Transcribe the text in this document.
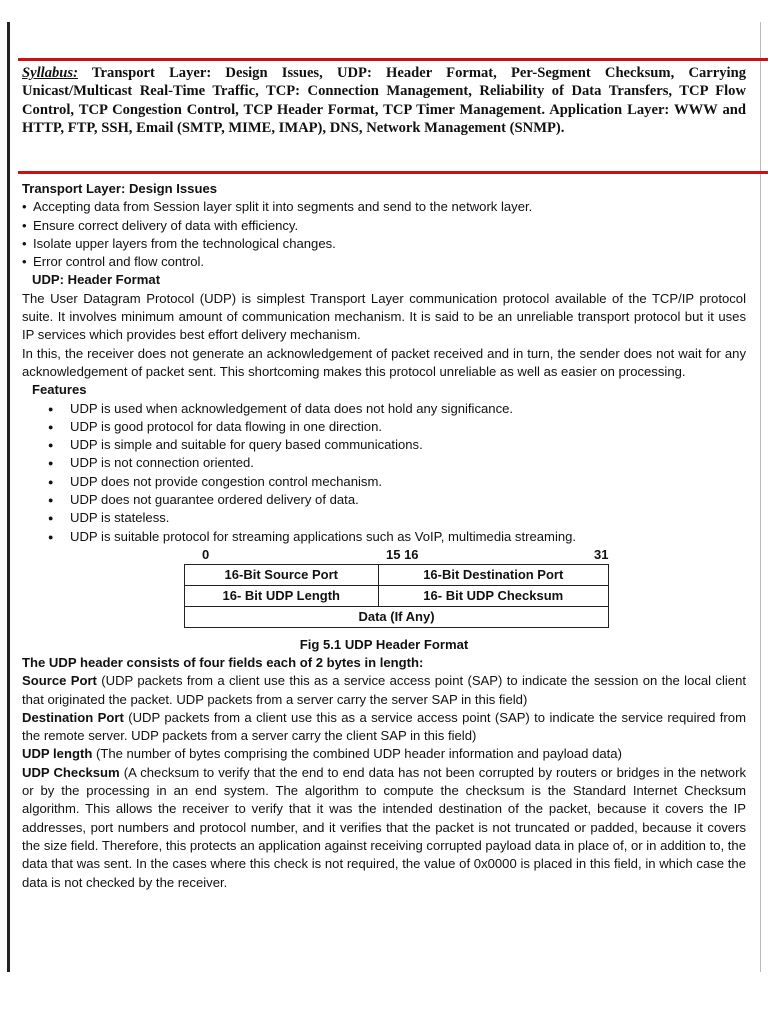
Syllabus: Transport Layer: Design Issues, UDP: Header Format, Per-Segment Checksum, Carrying Unicast/Multicast Real-Time Traffic, TCP: Connection Management, Reliability of Data Transfers, TCP Flow Control, TCP Congestion Control, TCP Header Format, TCP Timer Management. Application Layer: WWW and HTTP, FTP, SSH, Email (SMTP, MIME, IMAP), DNS, Network Management (SNMP).

Transport Layer: Design Issues

• Accepting data from Session layer split it into segments and send to the network layer.
• Ensure correct delivery of data with efficiency.
• Isolate upper layers from the technological changes.
• Error control and flow control.

UDP: Header Format

The User Datagram Protocol (UDP) is simplest Transport Layer communication protocol available of the TCP/IP protocol suite. It involves minimum amount of communication mechanism. It is said to be an unreliable transport protocol but it uses IP services which provides best effort delivery mechanism.

In this, the receiver does not generate an acknowledgement of packet received and in turn, the sender does not wait for any acknowledgement of packet sent. This shortcoming makes this protocol unreliable as well as easier on processing.

Features

● UDP is used when acknowledgement of data does not hold any significance.
● UDP is good protocol for data flowing in one direction.
● UDP is simple and suitable for query based communications.
● UDP is not connection oriented.
● UDP does not provide congestion control mechanism.
● UDP does not guarantee ordered delivery of data.
● UDP is stateless.
● UDP is suitable protocol for streaming applications such as VoIP, multimedia streaming.
0	15 16	31
16-Bit Source Port	16-Bit Destination Port
16- Bit UDP Length	16- Bit UDP Checksum
Data (If Any)	
Fig 5.1 UDP Header Format

The UDP header consists of four fields each of 2 bytes in length:

Source Port (UDP packets from a client use this as a service access point (SAP) to indicate the session on the local client that originated the packet. UDP packets from a server carry the server SAP in this field)

Destination Port (UDP packets from a client use this as a service access point (SAP) to indicate the service required from the remote server. UDP packets from a server carry the client SAP in this field)

UDP length (The number of bytes comprising the combined UDP header information and payload data)

UDP Checksum (A checksum to verify that the end to end data has not been corrupted by routers or bridges in the network or by the processing in an end system. The algorithm to compute the checksum is the Standard Internet Checksum algorithm. This allows the receiver to verify that it was the intended destination of the packet, because it covers the IP addresses, port numbers and protocol number, and it verifies that the packet is not truncated or padded, because it covers the size field. Therefore, this protects an application against receiving corrupted payload data in place of, or in addition to, the data that was sent. In the cases where this check is not required, the value of 0x0000 is placed in this field, in which case the data is not checked by the receiver.
